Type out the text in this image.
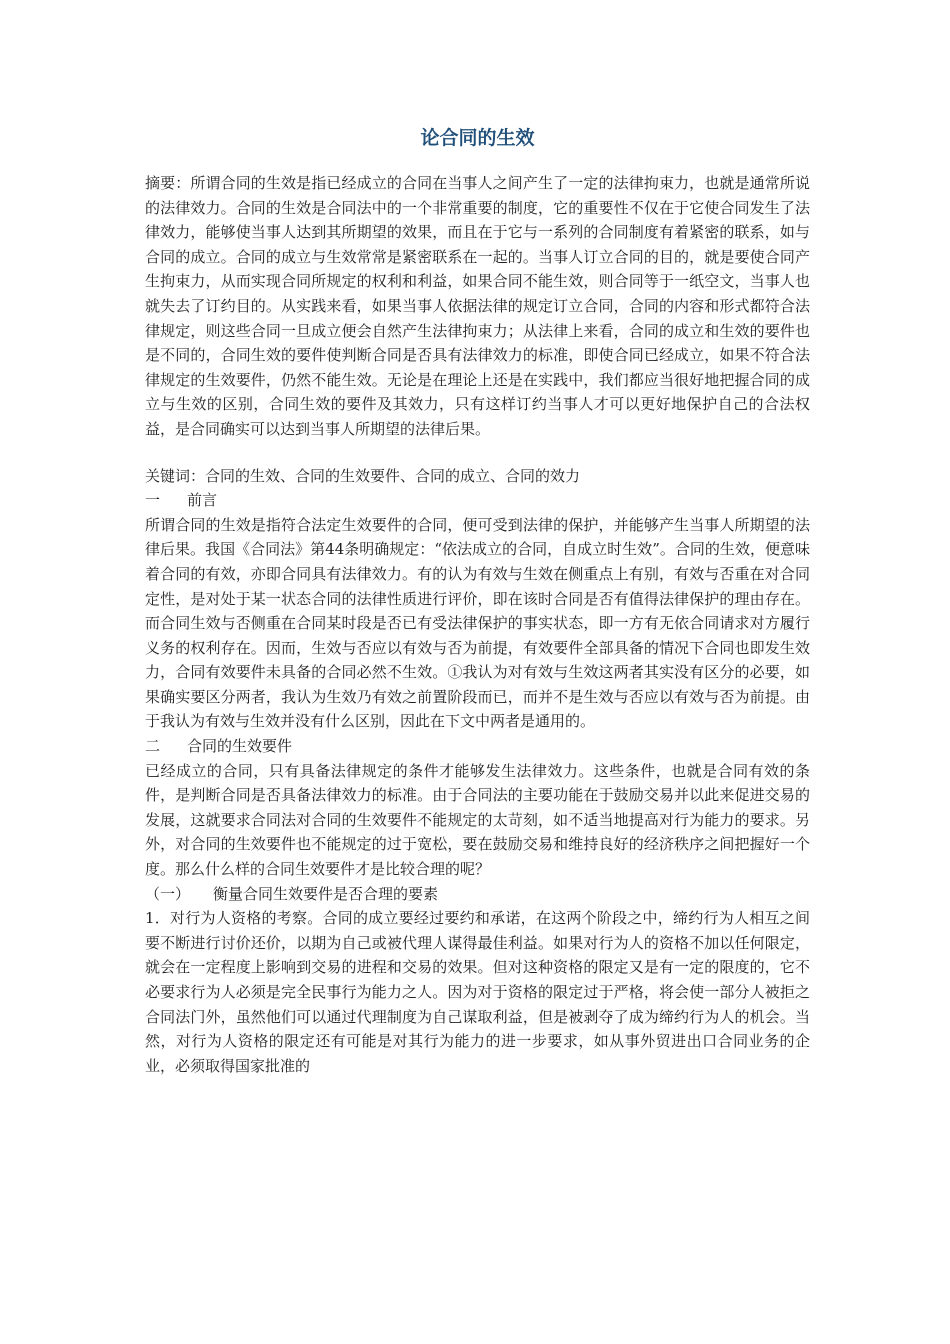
论合同的生效

摘要：所谓合同的生效是指已经成立的合同在当事人之间产生了一定的法律拘束力，也就是通常所说的法律效力。合同的生效是合同法中的一个非常重要的制度，它的重要性不仅在于它使合同发生了法律效力，能够使当事人达到其所期望的效果，而且在于它与一系列的合同制度有着紧密的联系，如与合同的成立。合同的成立与生效常常是紧密联系在一起的。当事人订立合同的目的，就是要使合同产生拘束力，从而实现合同所规定的权利和利益，如果合同不能生效，则合同等于一纸空文，当事人也就失去了订约目的。从实践来看，如果当事人依据法律的规定订立合同，合同的内容和形式都符合法律规定，则这些合同一旦成立便会自然产生法律拘束力；从法律上来看，合同的成立和生效的要件也是不同的，合同生效的要件使判断合同是否具有法律效力的标准，即使合同已经成立，如果不符合法律规定的生效要件，仍然不能生效。无论是在理论上还是在实践中，我们都应当很好地把握合同的成立与生效的区别，合同生效的要件及其效力，只有这样订约当事人才可以更好地保护自己的合法权益，是合同确实可以达到当事人所期望的法律后果。

关键词：合同的生效、合同的生效要件、合同的成立、合同的效力

一 前言

所谓合同的生效是指符合法定生效要件的合同，便可受到法律的保护，并能够产生当事人所期望的法律后果。我国《合同法》第44条明确规定：“依法成立的合同，自成立时生效”。合同的生效，便意味着合同的有效，亦即合同具有法律效力。有的认为有效与生效在侧重点上有别，有效与否重在对合同定性，是对处于某一状态合同的法律性质进行评价，即在该时合同是否有值得法律保护的理由存在。而合同生效与否侧重在合同某时段是否已有受法律保护的事实状态，即一方有无依合同请求对方履行义务的权利存在。因而，生效与否应以有效与否为前提，有效要件全部具备的情况下合同也即发生效力，合同有效要件未具备的合同必然不生效。①我认为对有效与生效这两者其实没有区分的必要，如果确实要区分两者，我认为生效乃有效之前置阶段而已，而并不是生效与否应以有效与否为前提。由于我认为有效与生效并没有什么区别，因此在下文中两者是通用的。

二 合同的生效要件

已经成立的合同，只有具备法律规定的条件才能够发生法律效力。这些条件，也就是合同有效的条件，是判断合同是否具备法律效力的标准。由于合同法的主要功能在于鼓励交易并以此来促进交易的发展，这就要求合同法对合同的生效要件不能规定的太苛刻，如不适当地提高对行为能力的要求。另外，对合同的生效要件也不能规定的过于宽松，要在鼓励交易和维持良好的经济秩序之间把握好一个度。那么什么样的合同生效要件才是比较合理的呢？

（一） 衡量合同生效要件是否合理的要素

1．对行为人资格的考察。合同的成立要经过要约和承诺，在这两个阶段之中，缔约行为人相互之间要不断进行讨价还价，以期为自己或被代理人谋得最佳利益。如果对行为人的资格不加以任何限定，就会在一定程度上影响到交易的进程和交易的效果。但对这种资格的限定又是有一定的限度的，它不必要求行为人必须是完全民事行为能力之人。因为对于资格的限定过于严格，将会使一部分人被拒之合同法门外，虽然他们可以通过代理制度为自己谋取利益，但是被剥夺了成为缔约行为人的机会。当然，对行为人资格的限定还有可能是对其行为能力的进一步要求，如从事外贸进出口合同业务的企业，必须取得国家批准的
